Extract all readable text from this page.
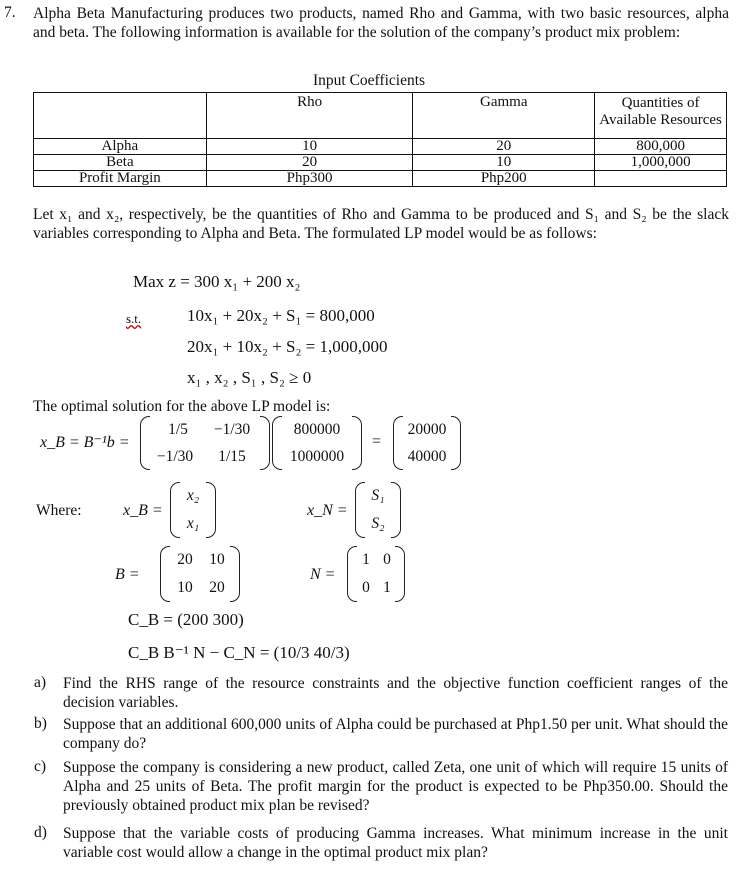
7. Alpha Beta Manufacturing produces two products, named Rho and Gamma, with two basic resources, alpha and beta. The following information is available for the solution of the company’s product mix problem:
Input Coefficients
	Rho	Gamma	Quantities of Available Resources
Alpha	10	20	800,000
Beta	20	10	1,000,000
Profit Margin	Php300	Php200	
Let x₁ and x₂, respectively, be the quantities of Rho and Gamma to be produced and S₁ and S₂ be the slack variables corresponding to Alpha and Beta. The formulated LP model would be as follows:
Max z = 300 x₁ + 200 x₂
s.t.	10x₁ + 20x₂ + S₁ = 800,000
20x₁ + 10x₂ + S₂ = 1,000,000
x₁ , x₂ , S₁ , S₂ ≥ 0
The optimal solution for the above LP model is:
x_B = B⁻¹b =
1/5	−1/30
−1/30	1/15
800000
1000000
=
20000
40000
Where:	x_B =
x₂
x₁
x_N =
S₁
S₂
B =
20	10
10	20
N =
1 0
0 1
C_B = (200 300)
C_B B⁻¹ N − C_N = (10/3 40/3)
a) Find the RHS range of the resource constraints and the objective function coefficient ranges of the decision variables.
b) Suppose that an additional 600,000 units of Alpha could be purchased at Php1.50 per unit. What should the company do?
c) Suppose the company is considering a new product, called Zeta, one unit of which will require 15 units of Alpha and 25 units of Beta. The profit margin for the product is expected to be Php350.00. Should the previously obtained product mix plan be revised?
d) Suppose that the variable costs of producing Gamma increases. What minimum increase in the unit variable cost would allow a change in the optimal product mix plan?
